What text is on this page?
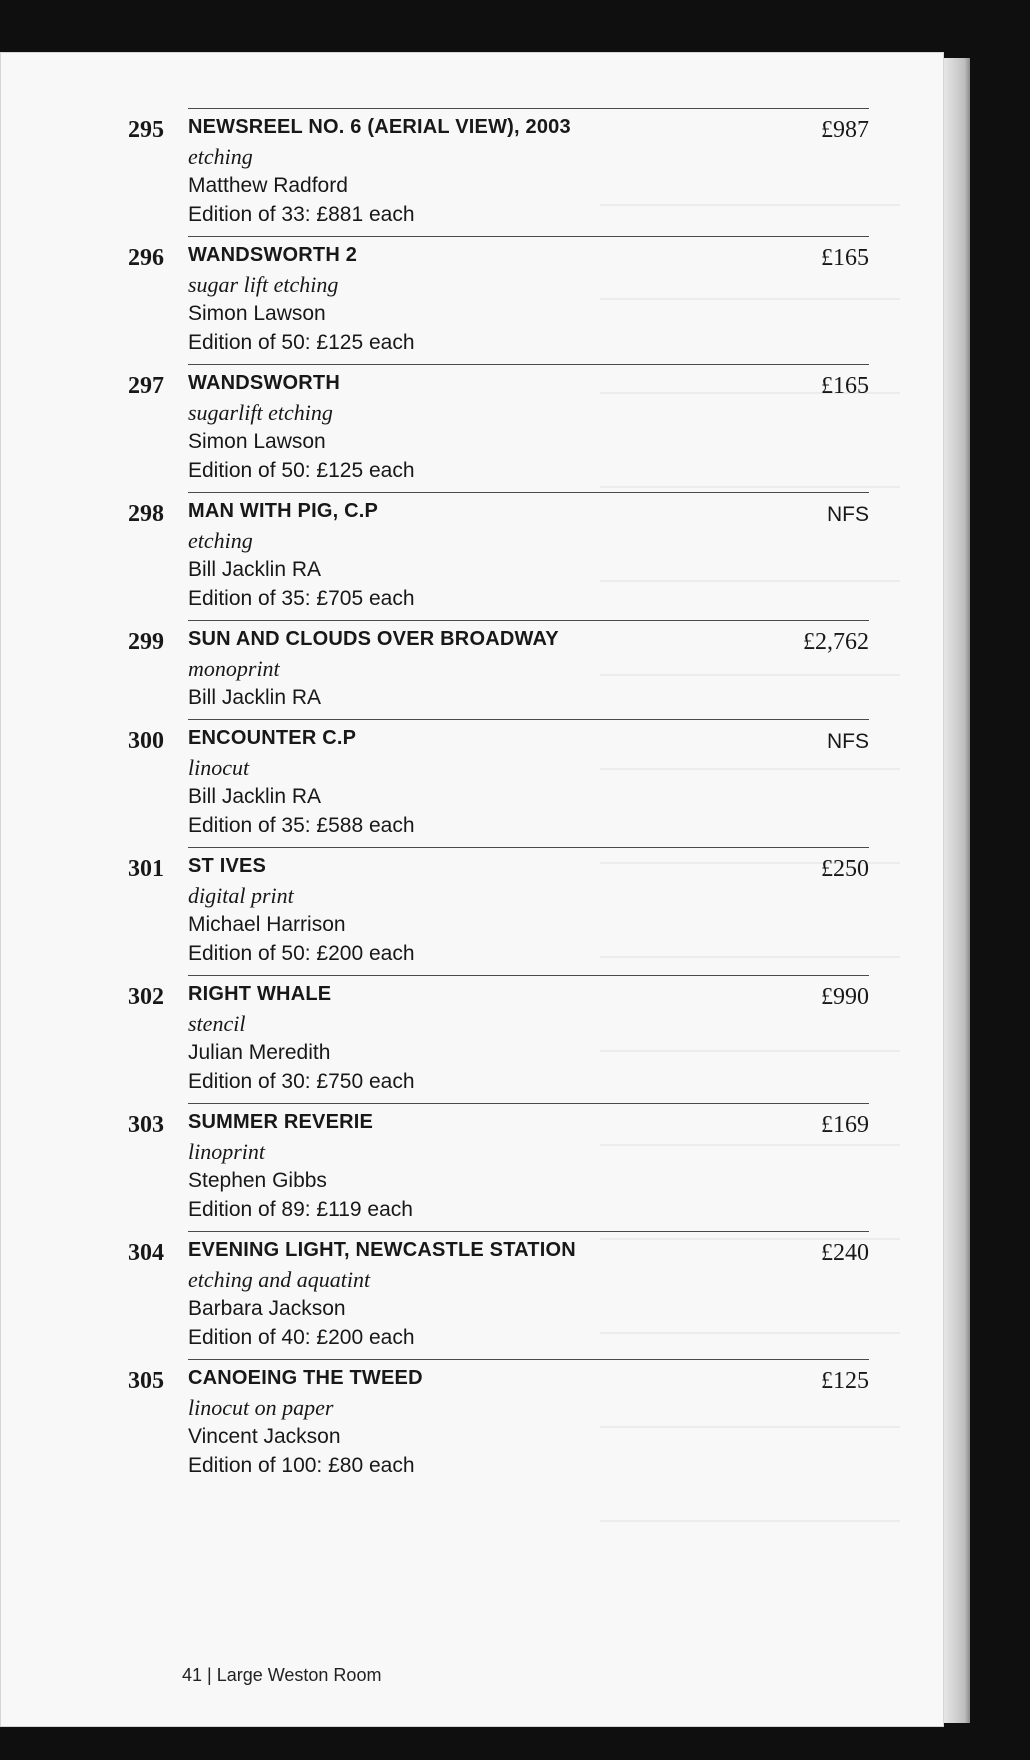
295	NEWSREEL NO. 6 (AERIAL VIEW), 2003
etching
Matthew Radford
Edition of 33: £881 each
£987
296	WANDSWORTH 2
sugar lift etching
Simon Lawson
Edition of 50: £125 each
£165
297	WANDSWORTH
sugarlift etching
Simon Lawson
Edition of 50: £125 each
£165
298	MAN WITH PIG, C.P
etching
Bill Jacklin RA
Edition of 35: £705 each
NFS
299	SUN AND CLOUDS OVER BROADWAY
monoprint
Bill Jacklin RA
£2,762
300	ENCOUNTER C.P
linocut
Bill Jacklin RA
Edition of 35: £588 each
NFS
301	ST IVES
digital print
Michael Harrison
Edition of 50: £200 each
£250
302	RIGHT WHALE
stencil
Julian Meredith
Edition of 30: £750 each
£990
303	SUMMER REVERIE
linoprint
Stephen Gibbs
Edition of 89: £119 each
£169
304	EVENING LIGHT, NEWCASTLE STATION
etching and aquatint
Barbara Jackson
Edition of 40: £200 each
£240
305	CANOEING THE TWEED
linocut on paper
Vincent Jackson
Edition of 100: £80 each
£125
41 | Large Weston Room
